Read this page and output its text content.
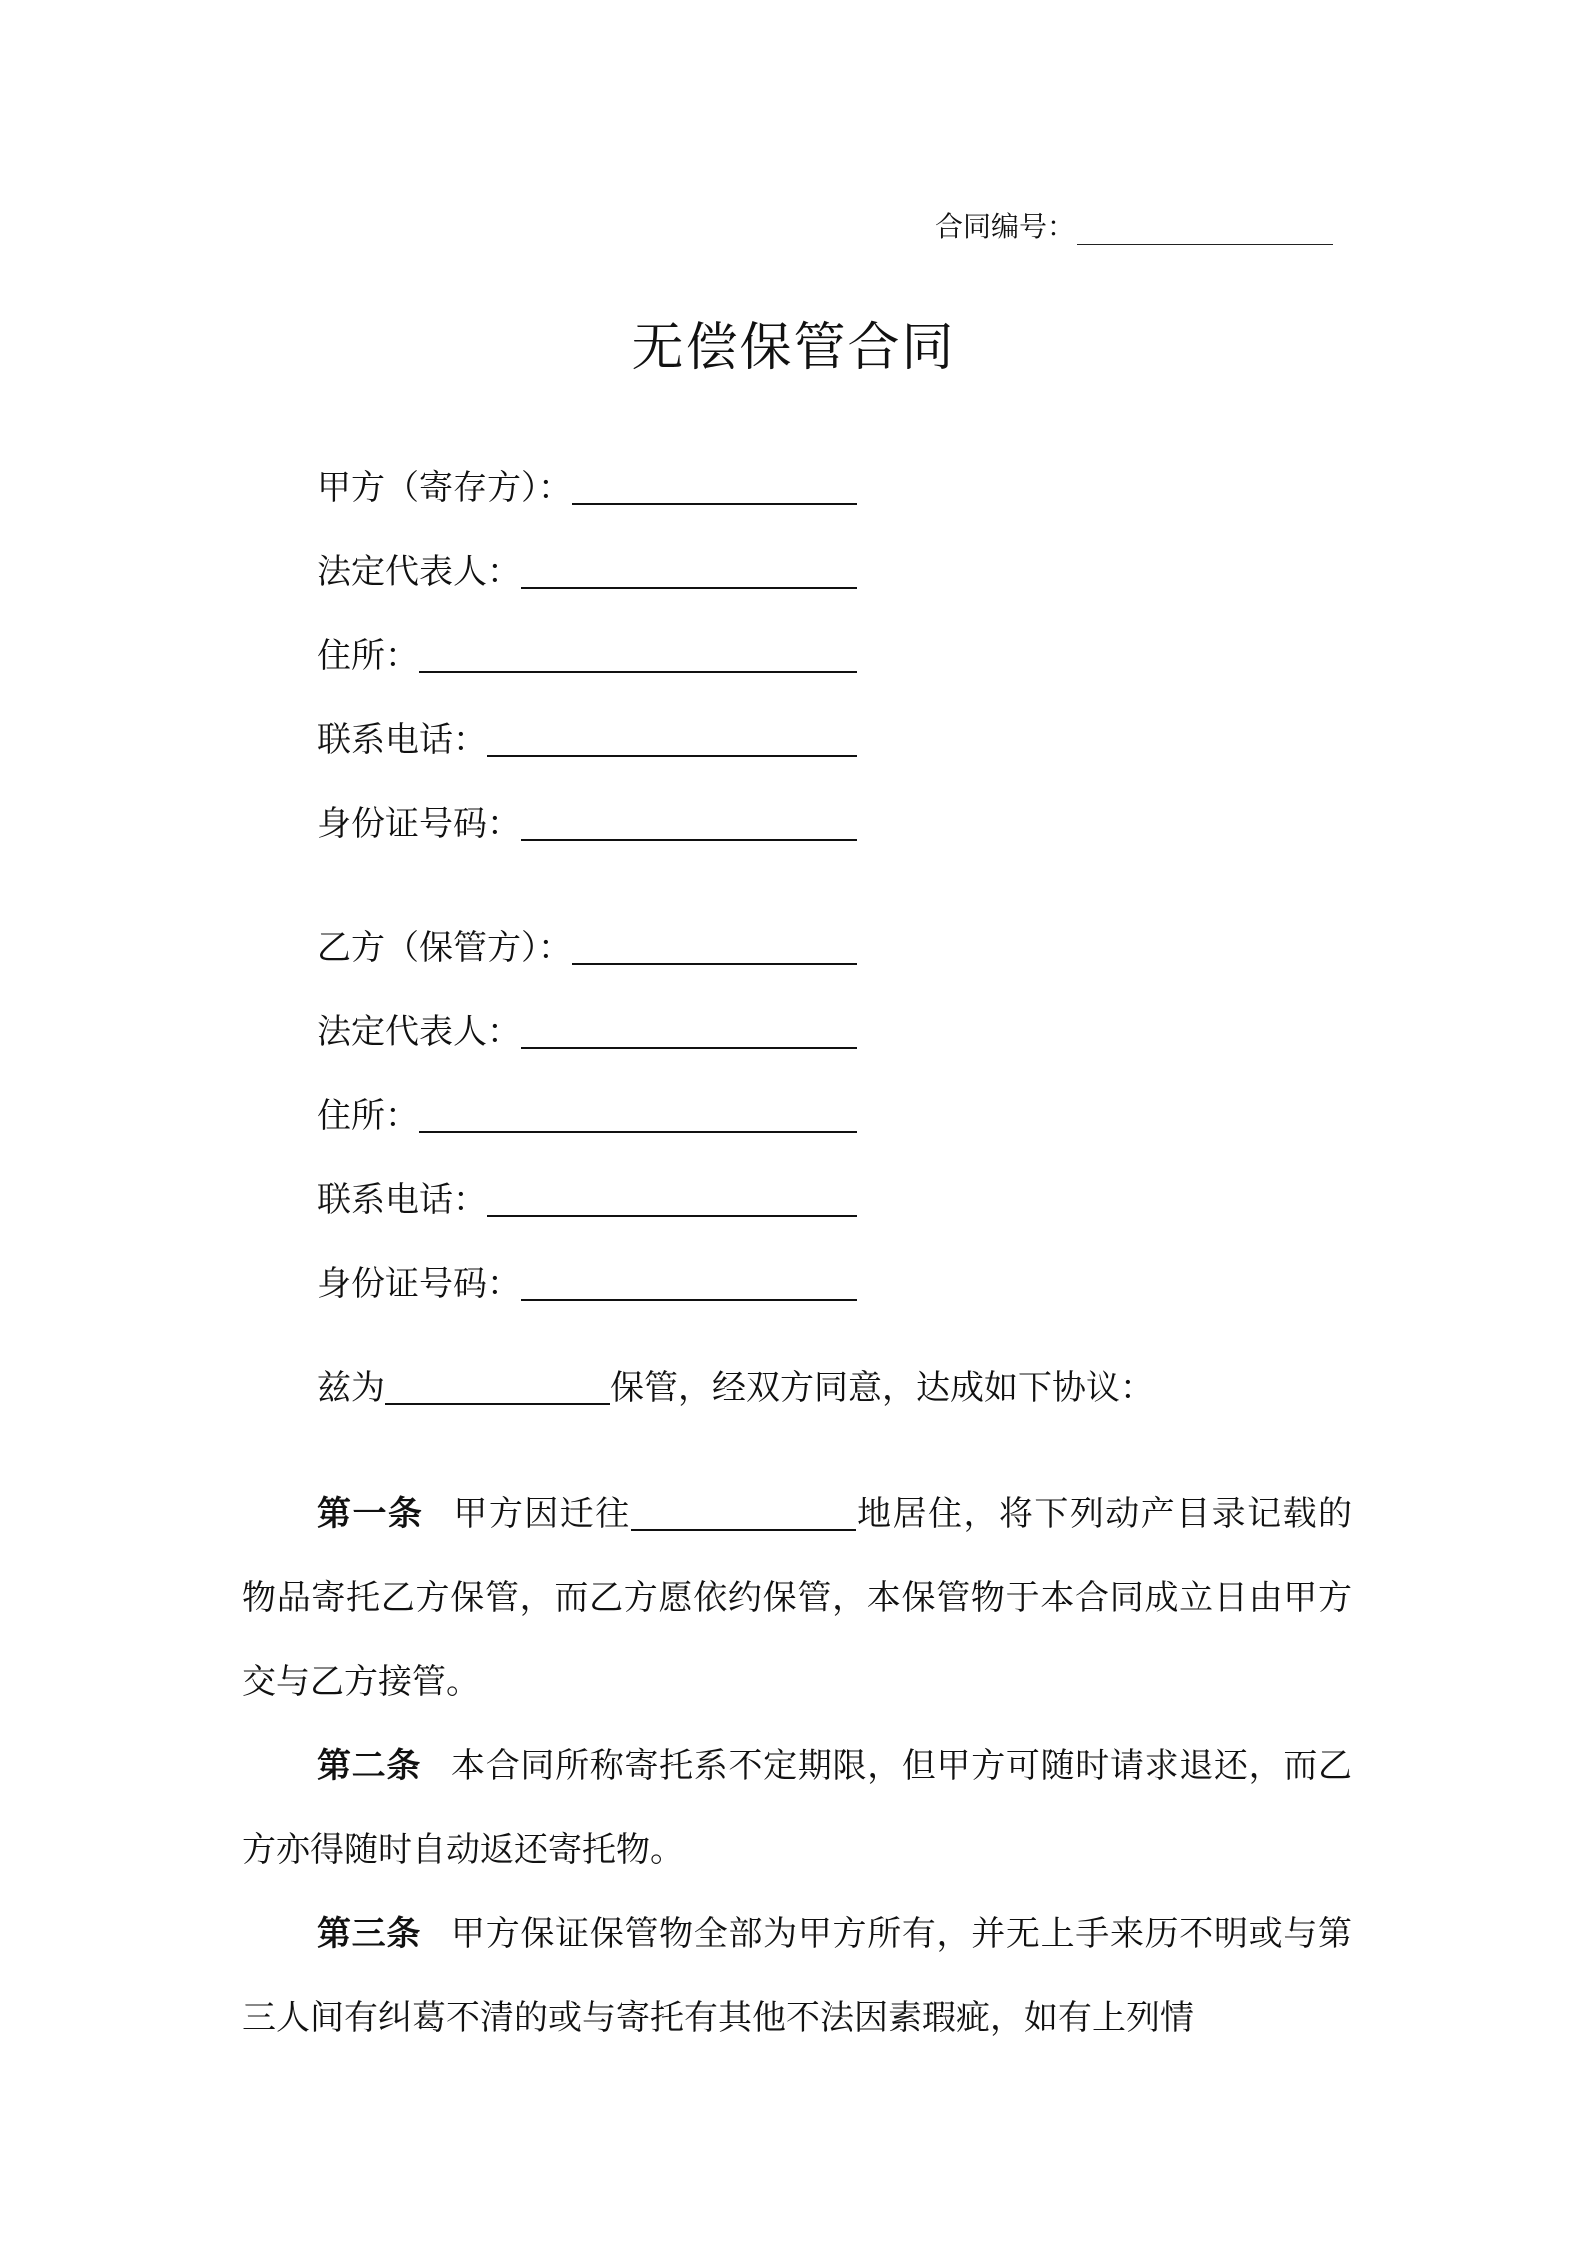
合同编号：
无偿保管合同
甲方（寄存方）：
法定代表人：
住所：
联系电话：
身份证号码：
乙方（保管方）：
法定代表人：
住所：
联系电话：
身份证号码：
兹为	保管，经双方同意，达成如下协议：

第一条 甲方因迁往	地居住，将下列动产目录记载的物品寄托乙方保管，而乙方愿依约保管，本保管物于本合同成立日由甲方交与乙方接管。

第二条 本合同所称寄托系不定期限，但甲方可随时请求退还，而乙方亦得随时自动返还寄托物。

第三条 甲方保证保管物全部为甲方所有，并无上手来历不明或与第三人间有纠葛不清的或与寄托有其他不法因素瑕疵，如有上列情
